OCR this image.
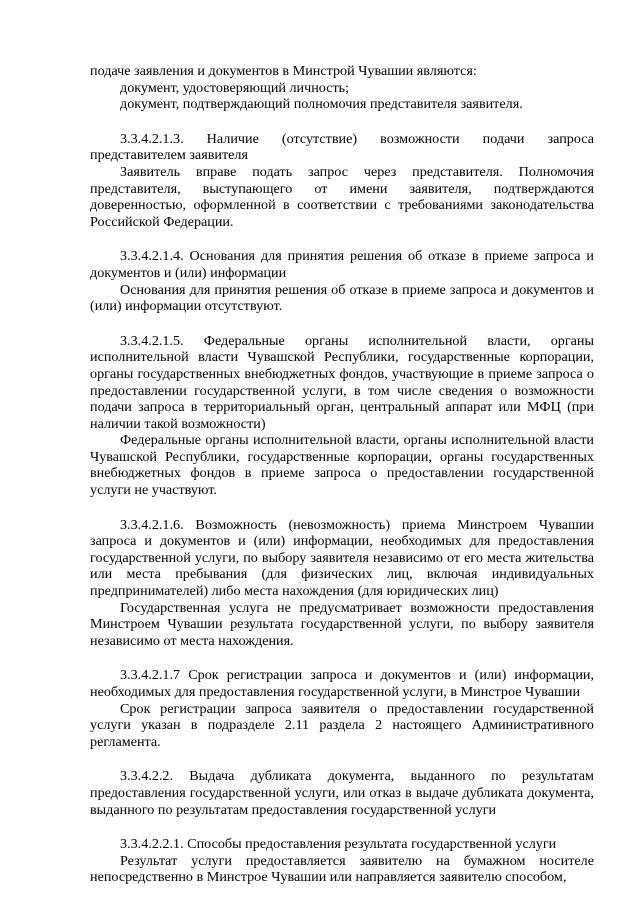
подаче заявления и документов в Минстрой Чувашии являются:

документ, удостоверяющий личность;

документ, подтверждающий полномочия представителя заявителя.

3.3.4.2.1.3. Наличие (отсутствие) возможности подачи запроса представителем заявителя

Заявитель вправе подать запрос через представителя. Полномочия представителя, выступающего от имени заявителя, подтверждаются доверенностью, оформленной в соответствии с требованиями законодательства Российской Федерации.

3.3.4.2.1.4. Основания для принятия решения об отказе в приеме запроса и документов и (или) информации

Основания для принятия решения об отказе в приеме запроса и документов и (или) информации отсутствуют.

3.3.4.2.1.5. Федеральные органы исполнительной власти, органы исполнительной власти Чувашской Республики, государственные корпорации, органы государственных внебюджетных фондов, участвующие в приеме запроса о предоставлении государственной услуги, в том числе сведения о возможности подачи запроса в территориальный орган, центральный аппарат или МФЦ (при наличии такой возможности)

Федеральные органы исполнительной власти, органы исполнительной власти Чувашской Республики, государственные корпорации, органы государственных внебюджетных фондов в приеме запроса о предоставлении государственной услуги не участвуют.

3.3.4.2.1.6. Возможность (невозможность) приема Минстроем Чувашии запроса и документов и (или) информации, необходимых для предоставления государственной услуги, по выбору заявителя независимо от его места жительства или места пребывания (для физических лиц, включая индивидуальных предпринимателей) либо места нахождения (для юридических лиц)

Государственная услуга не предусматривает возможности предоставления Минстроем Чувашии результата государственной услуги, по выбору заявителя независимо от места нахождения.

3.3.4.2.1.7 Срок регистрации запроса и документов и (или) информации, необходимых для предоставления государственной услуги, в Минстрое Чувашии

Срок регистрации запроса заявителя о предоставлении государственной услуги указан в подразделе 2.11 раздела 2 настоящего Административного регламента.

3.3.4.2.2. Выдача дубликата документа, выданного по результатам предоставления государственной услуги, или отказ в выдаче дубликата документа, выданного по результатам предоставления государственной услуги

3.3.4.2.2.1. Способы предоставления результата государственной услуги

Результат услуги предоставляется заявителю на бумажном носителе непосредственно в Минстрое Чувашии или направляется заявителю способом,
